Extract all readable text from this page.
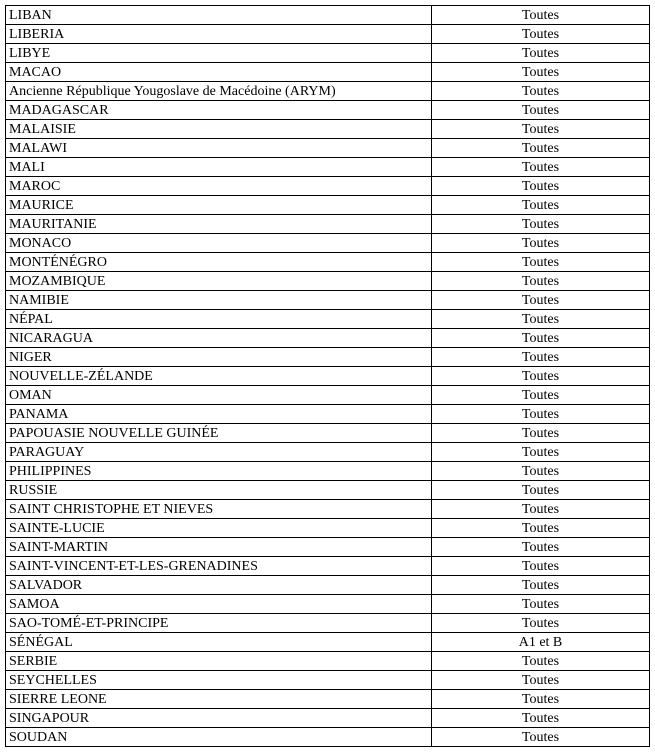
LIBAN	Toutes
LIBERIA	Toutes
LIBYE	Toutes
MACAO	Toutes
Ancienne République Yougoslave de Macédoine (ARYM)	Toutes
MADAGASCAR	Toutes
MALAISIE	Toutes
MALAWI	Toutes
MALI	Toutes
MAROC	Toutes
MAURICE	Toutes
MAURITANIE	Toutes
MONACO	Toutes
MONTÉNÉGRO	Toutes
MOZAMBIQUE	Toutes
NAMIBIE	Toutes
NÉPAL	Toutes
NICARAGUA	Toutes
NIGER	Toutes
NOUVELLE-ZÉLANDE	Toutes
OMAN	Toutes
PANAMA	Toutes
PAPOUASIE NOUVELLE GUINÉE	Toutes
PARAGUAY	Toutes
PHILIPPINES	Toutes
RUSSIE	Toutes
SAINT CHRISTOPHE ET NIEVES	Toutes
SAINTE-LUCIE	Toutes
SAINT-MARTIN	Toutes
SAINT-VINCENT-ET-LES-GRENADINES	Toutes
SALVADOR	Toutes
SAMOA	Toutes
SAO-TOMÉ-ET-PRINCIPE	Toutes
SÉNÉGAL	A1 et B
SERBIE	Toutes
SEYCHELLES	Toutes
SIERRE LEONE	Toutes
SINGAPOUR	Toutes
SOUDAN	Toutes
